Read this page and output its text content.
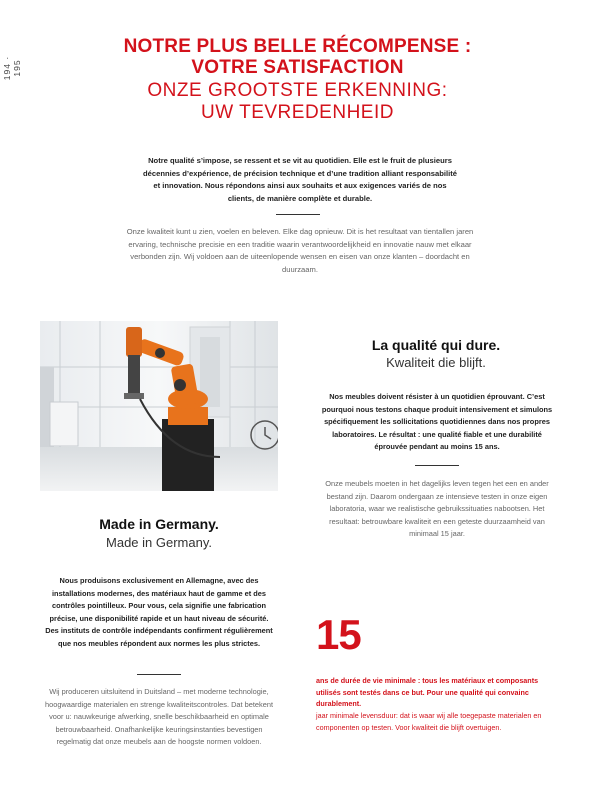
194 · 195
NOTRE PLUS BELLE RÉCOMPENSE :
VOTRE SATISFACTION
ONZE GROOTSTE ERKENNING:
UW TEVREDENHEID
Notre qualité s’impose, se ressent et se vit au quotidien. Elle est le fruit de plusieurs décennies d’expérience, de précision technique et d’une tradition alliant responsabilité et innovation. Nous répondons ainsi aux souhaits et aux exigences variés de nos clients, de manière complète et durable.
Onze kwaliteit kunt u zien, voelen en beleven. Elke dag opnieuw. Dit is het resultaat van tientallen jaren ervaring, technische precisie en een traditie waarin verantwoordelijkheid en innovatie nauw met elkaar verbonden zijn. Wij voldoen aan de uiteenlopende wensen en eisen van onze klanten – doordacht en duurzaam.
La qualité qui dure.
Kwaliteit die blijft.
Nos meubles doivent résister à un quotidien éprouvant. C’est pourquoi nous testons chaque produit intensivement et simulons spécifiquement les sollicitations quotidiennes dans nos propres laboratoires. Le résultat : une qualité fiable et une durabilité éprouvée pendant au moins 15 ans.
Onze meubels moeten in het dagelijks leven tegen het een en ander bestand zijn. Daarom ondergaan ze intensieve testen in onze eigen laboratoria, waar we realistische gebruikssituaties nabootsen. Het resultaat: betrouwbare kwaliteit en een geteste duurzaamheid van minimaal 15 jaar.
Made in Germany.
Made in Germany.
Nous produisons exclusivement en Allemagne, avec des installations modernes, des matériaux haut de gamme et des contrôles pointilleux. Pour vous, cela signifie une fabrication précise, une disponibilité rapide et un haut niveau de sécurité. Des instituts de contrôle indépendants confirment régulièrement que nos meubles répondent aux normes les plus strictes.
Wij produceren uitsluitend in Duitsland – met moderne technologie, hoogwaardige materialen en strenge kwaliteitscontroles. Dat betekent voor u: nauwkeurige afwerking, snelle beschikbaarheid en optimale betrouwbaarheid. Onafhankelijke keuringsinstanties bevestigen regelmatig dat onze meubels aan de hoogste normen voldoen.
15
ans de durée de vie minimale : tous les matériaux et composants utilisés sont testés dans ce but. Pour une qualité qui convainc durablement.
jaar minimale levensduur: dat is waar wij alle toegepaste materialen en componenten op testen. Voor kwaliteit die blijft overtuigen.
